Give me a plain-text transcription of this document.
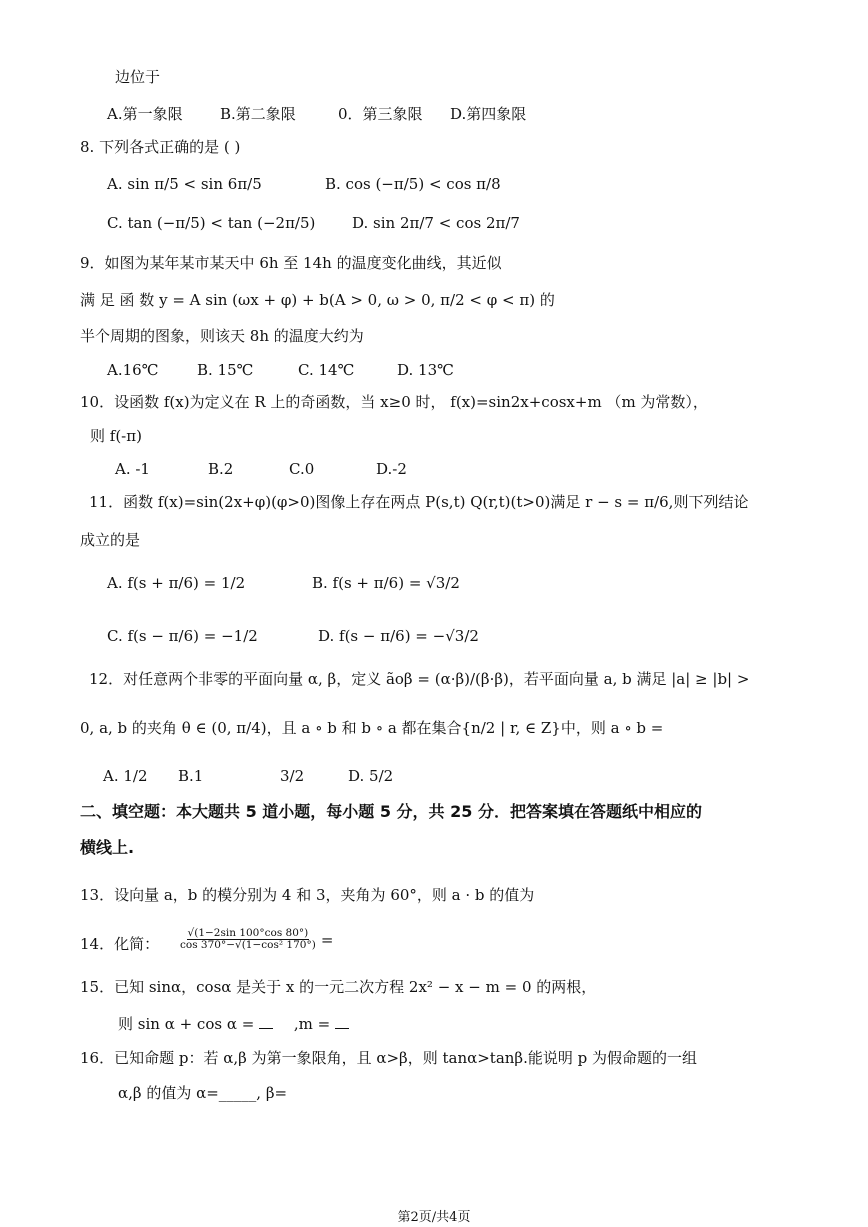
边位于
A.第一象限 B.第二象限	0．第三象限 D.第四象限
8. 下列各式正确的是 ( )
A. sin π/5 < sin 6π/5	B. cos (−π/5) < cos π/8
C. tan (−π/5) < tan (−2π/5) D. sin 2π/7 < cos 2π/7
9．如图为某年某市某天中 6h 至 14h 的温度变化曲线，其近似
满 足 函 数 y = A sin (ωx + φ) + b(A > 0, ω > 0, π/2 < φ < π) 的
半个周期的图象，则该天 8h 的温度大约为
A.16℃	B. 15℃	C. 14℃	D. 13℃
10．设函数 f(x)为定义在 R 上的奇函数，当 x≥0 时， f(x)=sin2x+cosx+m （m 为常数），
则 f(-π)
A. -1	B.2	C.0	D.-2
11．函数 f(x)=sin(2x+φ)(φ>0)图像上存在两点 P(s,t) Q(r,t)(t>0)满足 r − s = π/6,则下列结论
成立的是
A. f(s + π/6) = 1/2	B. f(s + π/6) = √3/2
C. f(s − π/6) = −1/2	D. f(s − π/6) = −√3/2
12．对任意两个非零的平面向量 α, β，定义 ãoβ = (α·β)/(β·β)，若平面向量 a, b 满足 |a| ≥ |b| >
0, a, b 的夹角 θ ∈ (0, π/4)，且 a ∘ b 和 b ∘ a 都在集合{n/2 | r, ∈ Z}中，则 a ∘ b =
A. 1/2 B.1	3/2	D. 5/2
二、填空题：本大题共 5 道小题，每小题 5 分，共 25 分．把答案填在答题纸中相应的
横线上.
13．设向量 a，b 的模分别为 4 和 3，夹角为 60°，则 a · b 的值为
14．化简： $\frac{√(1-2\sin 100^\circ\cos 80^\circ)}{\text{cos 370°−√(1−cos² 170°)}}$ =
15．已知 sinα，cosα 是关于 x 的一元二次方程 2x² − x − m = 0 的两根，
则 sin α + cos α =  ,m =
16．已知命题 p：若 α,β 为第一象限角，且 α>β，则 tanα>tanβ.能说明 p 为假命题的一组
α,β 的值为 α=_____, β=
第2页/共4页
